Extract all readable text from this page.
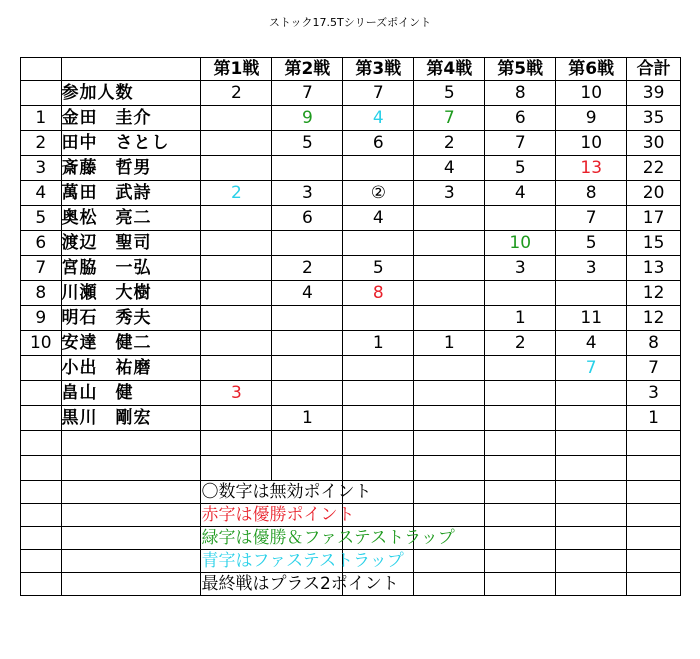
ストック17.5Tシリーズポイント
		第1戦	第2戦	第3戦	第4戦	第5戦	第6戦	合計
	参加人数	2	7	7	5	8	10	39
1	金田　圭介		9	4	7	6	9	35
2	田中　さとし		5	6	2	7	10	30
3	斎藤　哲男				4	5	13	22
4	萬田　武詩	2	3	②	3	4	8	20
5	奥松　亮二		6	4			7	17
6	渡辺　聖司					10	5	15
7	宮脇　一弘		2	5		3	3	13
8	川瀬　大樹		4	8				12
9	明石　秀夫					1	11	12
10	安達　健二			1	1	2	4	8
	小出　祐磨						7	7
	畠山　健	3						3
	黒川　剛宏		1					1

		〇数字は無効ポイント						
		赤字は優勝ポイント						
		緑字は優勝＆ファステストラップ						
		青字はファステストラップ						
		最終戦はプラス2ポイント						
